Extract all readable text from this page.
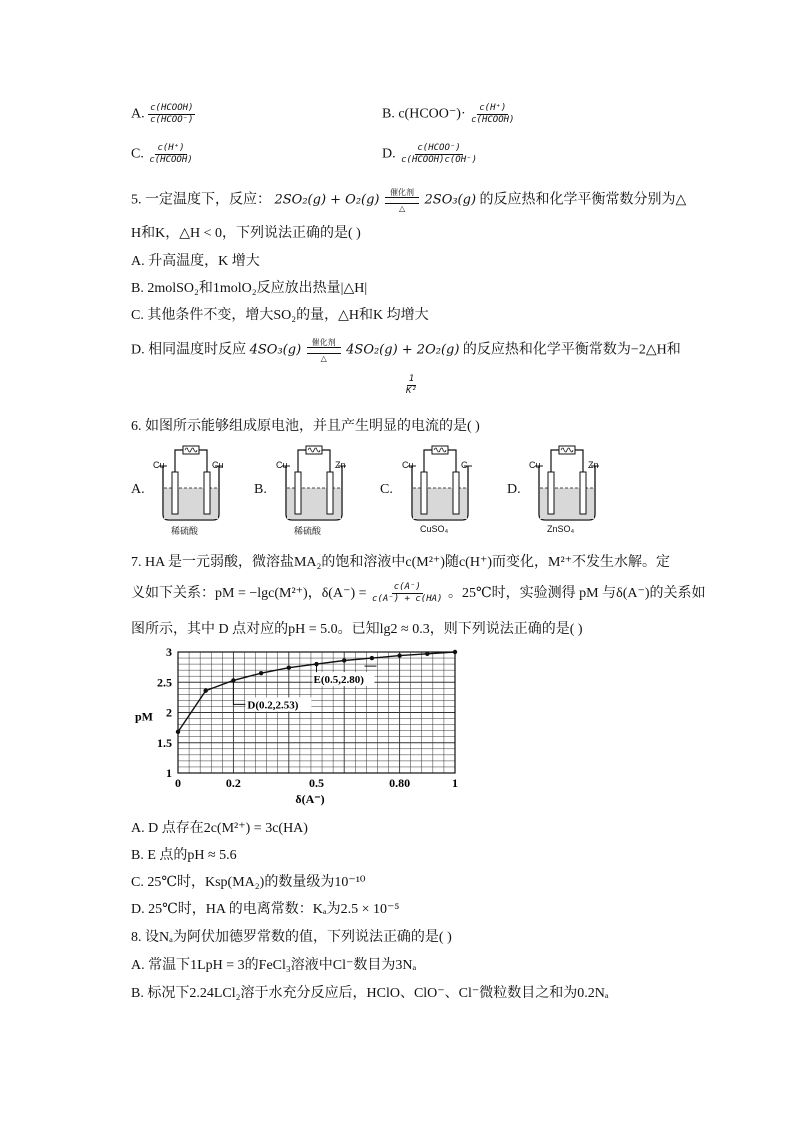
A. $\frac{\text{c(HCOOH)}}{\text{c(HCOO⁻)}}$	B. c(HCOO⁻)· $\frac{c(H^+)}{\text{c(HCOOH)}}$
C. $\frac{c(H^+)}{\text{c(HCOOH)}}$	D. $\frac{\text{c(HCOO⁻)}}{\text{c(HCOOH)c(OH⁻)}}$
5. 一定温度下，反应： 2SO₂(g) + O₂(g)
催化剂
△
2SO₃(g) 的反应热和化学平衡常数分别为△
H和K，△H < 0，下列说法正确的是( )
A. 升高温度，K 增大
B. 2molSO₂和1molO₂反应放出热量|△H|
C. 其他条件不变，增大SO₂的量，△H和K 均增大
D. 相同温度时反应 4SO₃(g)
催化剂
△
4SO₂(g) + 2O₂(g) 的反应热和化学平衡常数为−2△H和
$\frac{1}{\text{K²}}$
6. 如图所示能够组成原电池，并且产生明显的电流的是( )
A.
Cu	Cu
稀硫酸
B.
Cu	Zn
稀硫酸
C.
Cu	C
CuSO₄
D.
Cu	Zn
ZnSO₄
7. HA 是一元弱酸，微溶盐MA₂的饱和溶液中c(M²⁺)随c(H⁺)而变化，M²⁺不发生水解。定
义如下关系：pM = −lgc(M²⁺)，$\delta(A^-) = \frac{c(A^-)}{c(A^-) + c(HA)}$ 。25℃时，实验测得 pM 与δ(A⁻)的关系如
图所示，其中 D 点对应的pH = 5.0。已知lg2 ≈ 0.3，则下列说法正确的是( )
1
1.5
2
2.5
3
0	0.2	0.5	0.80	1
δ(A⁻)
pM
D(0.2,2.53)
E(0.5,2.80)
A. D 点存在2c(M²⁺) = 3c(HA)
B. E 点的pH ≈ 5.6
C. 25℃时，Ksp(MA₂)的数量级为10⁻¹⁰
D. 25℃时，HA 的电离常数：Kₐ为2.5 × 10⁻⁵
8. 设Nₐ为阿伏加德罗常数的值，下列说法正确的是( )
A. 常温下1LpH = 3的FeCl₃溶液中Cl⁻数目为3Nₐ
B. 标况下2.24LCl₂溶于水充分反应后，HClO、ClO⁻、Cl⁻微粒数目之和为0.2Nₐ
